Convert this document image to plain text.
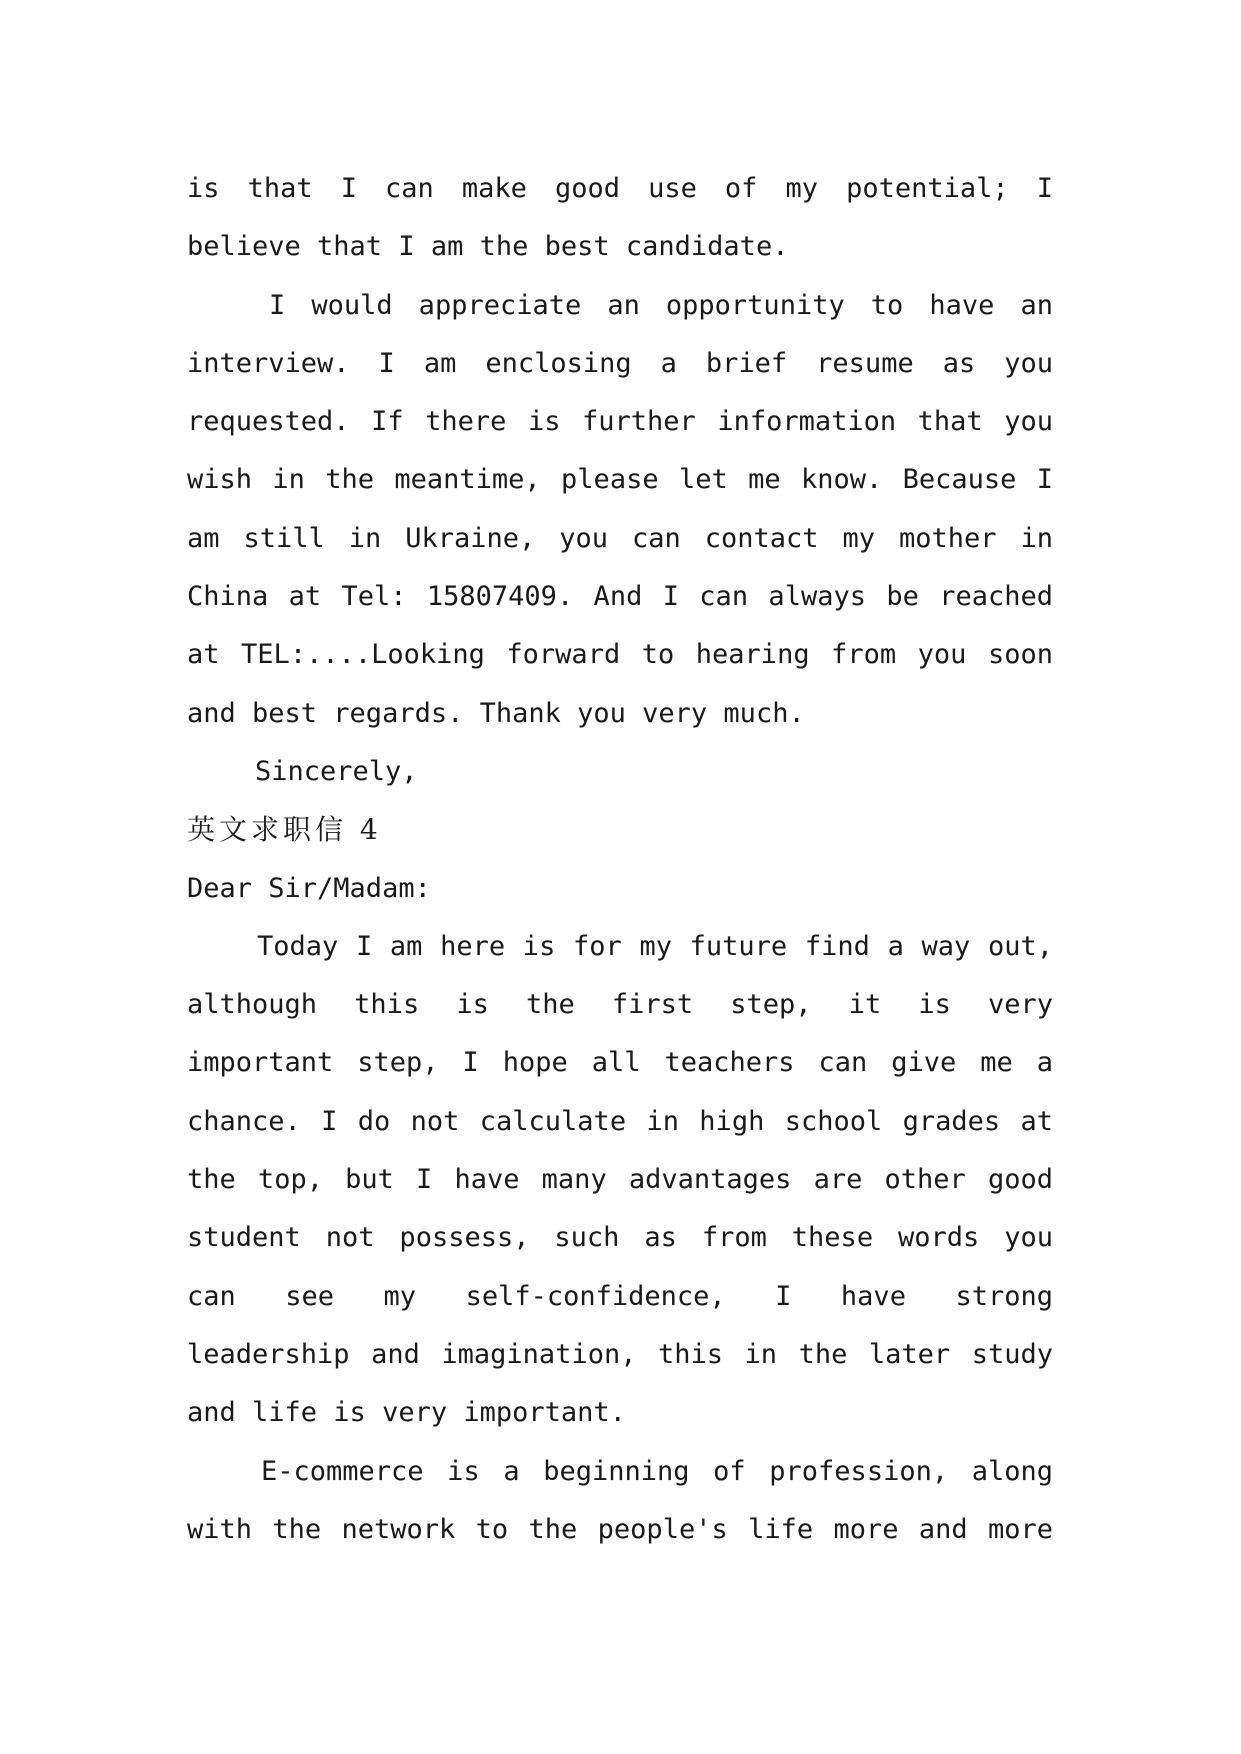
is that I can make good use of my potential; I
believe that I am the best candidate.
I would appreciate an opportunity to have an
interview. I am enclosing a brief resume as you
requested. If there is further information that you
wish in the meantime, please let me know. Because I
am still in Ukraine, you can contact my mother in
China at Tel: 15807409. And I can always be reached
at TEL:....Looking forward to hearing from you soon
and best regards. Thank you very much.
Sincerely,
英文求职信 4
Dear Sir/Madam:
Today I am here is for my future find a way out,
although this is the first step, it is very
important step, I hope all teachers can give me a
chance. I do not calculate in high school grades at
the top, but I have many advantages are other good
student not possess, such as from these words you
can see my self-confidence, I have strong
leadership and imagination, this in the later study
and life is very important.
E-commerce is a beginning of profession, along
with the network to the people's life more and more
